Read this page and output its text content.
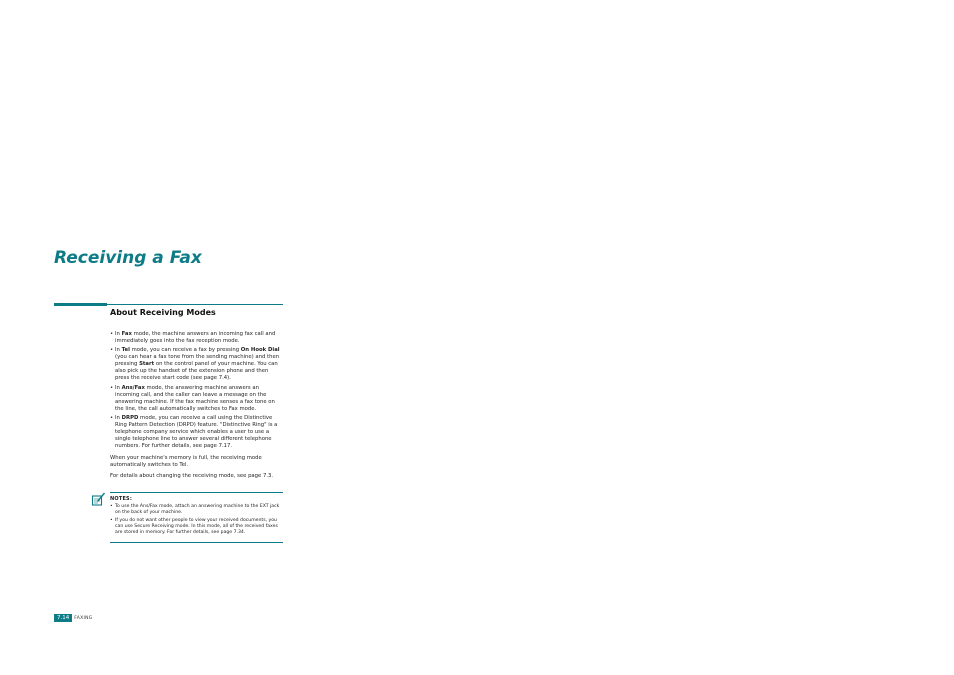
Receiving a Fax
About Receiving Modes
• In Fax mode, the machine answers an incoming fax call and immediately goes into the fax reception mode.
• In Tel mode, you can receive a fax by pressing On Hook Dial (you can hear a fax tone from the sending machine) and then pressing Start on the control panel of your machine. You can also pick up the handset of the extension phone and then press the receive start code (see page 7.4).
• In Ans/Fax mode, the answering machine answers an incoming call, and the caller can leave a message on the answering machine. If the fax machine senses a fax tone on the line, the call automatically switches to Fax mode.
• In DRPD mode, you can receive a call using the Distinctive Ring Pattern Detection (DRPD) feature. "Distinctive Ring" is a telephone company service which enables a user to use a single telephone line to answer several different telephone numbers. For further details, see page 7.17.

When your machine's memory is full, the receiving mode automatically switches to Tel.

For details about changing the receiving mode, see page 7.3.

NOTES:
• To use the Ans/Fax mode, attach an answering machine to the EXT jack on the back of your machine.
• If you do not want other people to view your received documents, you can use Secure Receiving mode. In this mode, all of the received faxes are stored in memory. For further details, see page 7.34.
7.14	FAXING
